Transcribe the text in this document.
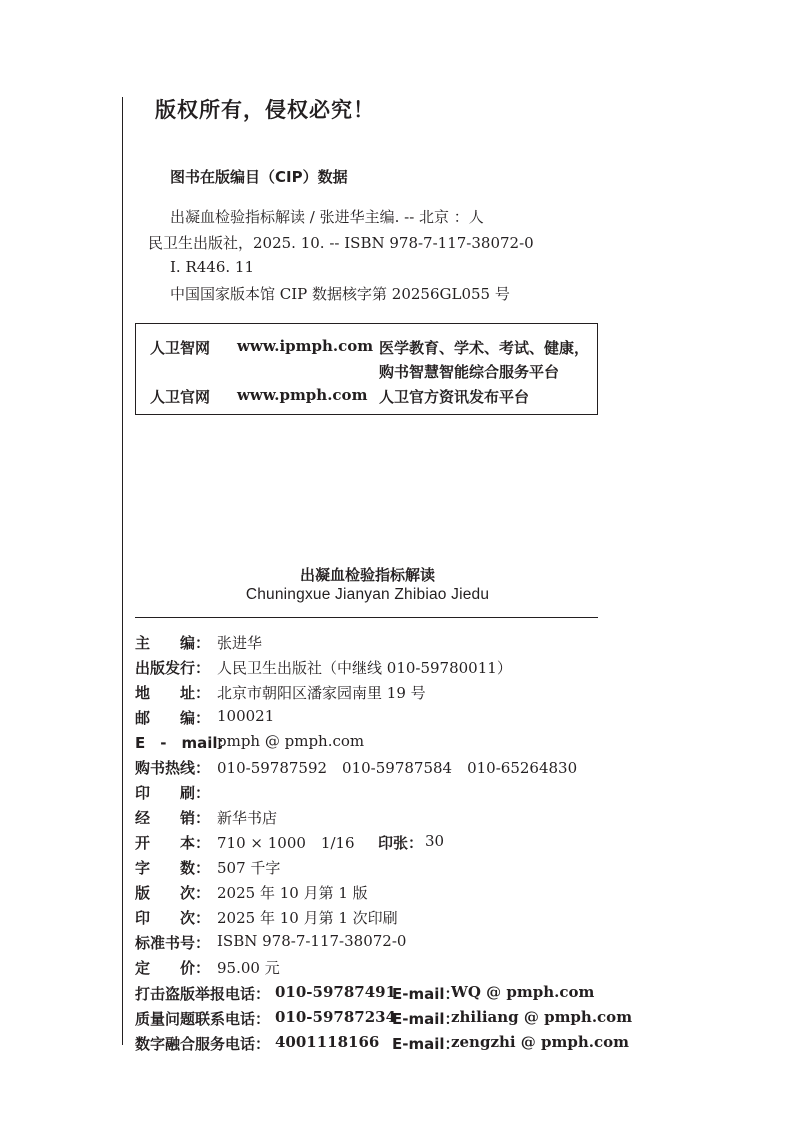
版权所有，侵权必究！
图书在版编目（CIP）数据
出凝血检验指标解读 / 张进华主编. -- 北京 ：人
民卫生出版社，2025. 10. -- ISBN 978-7-117-38072-0
Ⅰ. R446. 11
中国国家版本馆 CIP 数据核字第 20256GL055 号
人卫智网 www.ipmph.com 医学教育、学术、考试、健康，
购书智慧智能综合服务平台
人卫官网 www.pmph.com 人卫官方资讯发布平台
出凝血检验指标解读
Chuningxue Jianyan Zhibiao Jiedu
主　　编： 张进华
出版发行： 人民卫生出版社（中继线 010-59780011）
地　　址： 北京市朝阳区潘家园南里 19 号
邮　　编： 100021
E　-　mail：
pmph @ pmph.com
购书热线： 010-59787592　010-59787584　010-65264830
印　　刷：
经　　销： 新华书店
开　　本： 710 × 1000　1/16 印张： 30
字　　数： 507 千字
版　　次： 2025 年 10 月第 1 版
印　　次： 2025 年 10 月第 1 次印刷
标准书号： ISBN 978-7-117-38072-0
定　　价： 95.00 元
打击盗版举报电话： 010-59787491
E-mail：
WQ @ pmph.com
质量问题联系电话： 010-59787234
E-mail：
zhiliang @ pmph.com
数字融合服务电话： 4001118166 E-mail：
zengzhi @ pmph.com
